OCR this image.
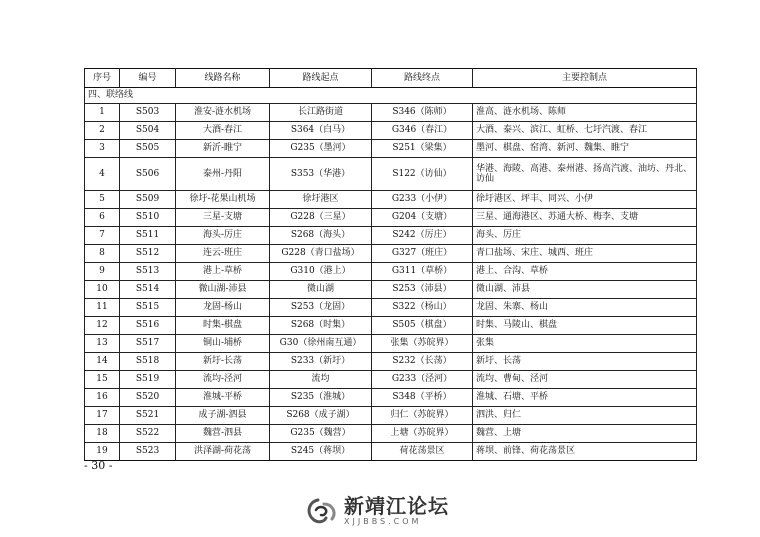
序号	编号	线路名称	路线起点	路线终点	主要控制点
四、联络线					
1	S503	淮安-涟水机场	长江路街道	S346（陈师）	淮高、涟水机场、陈师
2	S504	大酒-春江	S364（白马）	G346（春江）	大酒、泰兴、滨江、虹桥、七圩汽渡、春江
3	S505	新沂-睢宁	G235（墨河）	S251（梁集）	墨河、棋盘、窑湾、新河、魏集、睢宁
4	S506	泰州-丹阳	S353（华港）	S122（访仙）	华港、海陵、高港、泰州港、扬高汽渡、油坊、丹北、访仙
5	S509	徐圩-花果山机场	徐圩港区	G233（小伊）	徐圩港区、坪丰、同兴、小伊
6	S510	三星-支塘	G228（三星）	G204（支塘）	三星、通海港区、苏通大桥、梅李、支塘
7	S511	海头-厉庄	S268（海头）	S242（厉庄）	海头、厉庄
8	S512	连云-班庄	G228（青口盐场）	G327（班庄）	青口盐场、宋庄、城西、班庄
9	S513	港上-草桥	G310（港上）	G311（草桥）	港上、合沟、草桥
10	S514	微山湖-沛县	微山湖	S253（沛县）	微山湖、沛县
11	S515	龙固-杨山	S253（龙固）	S322（杨山）	龙固、朱寨、杨山
12	S516	时集-棋盘	S268（时集）	S505（棋盘）	时集、马陵山、棋盘
13	S517	铜山-埔桥	G30（徐州南互通）	张集（苏皖界）	张集
14	S518	新圩-长荡	S233（新圩）	S232（长荡）	新圩、长荡
15	S519	流均-泾河	流均	G233（泾河）	流均、曹甸、泾河
16	S520	淮城-平桥	S235（淮城）	S348（平桥）	淮城、石塘、平桥
17	S521	成子湖-泗县	S268（成子湖）	归仁（苏皖界）	泗洪、归仁
18	S522	魏营-泗县	G235（魏营）	上塘（苏皖界）	魏营、上塘
19	S523	洪泽湖-荷花荡	S245（蒋坝）	荷花荡景区	蒋坝、前锋、荷花荡景区
- 30 -
新靖江论坛
XJJBBS.COM
